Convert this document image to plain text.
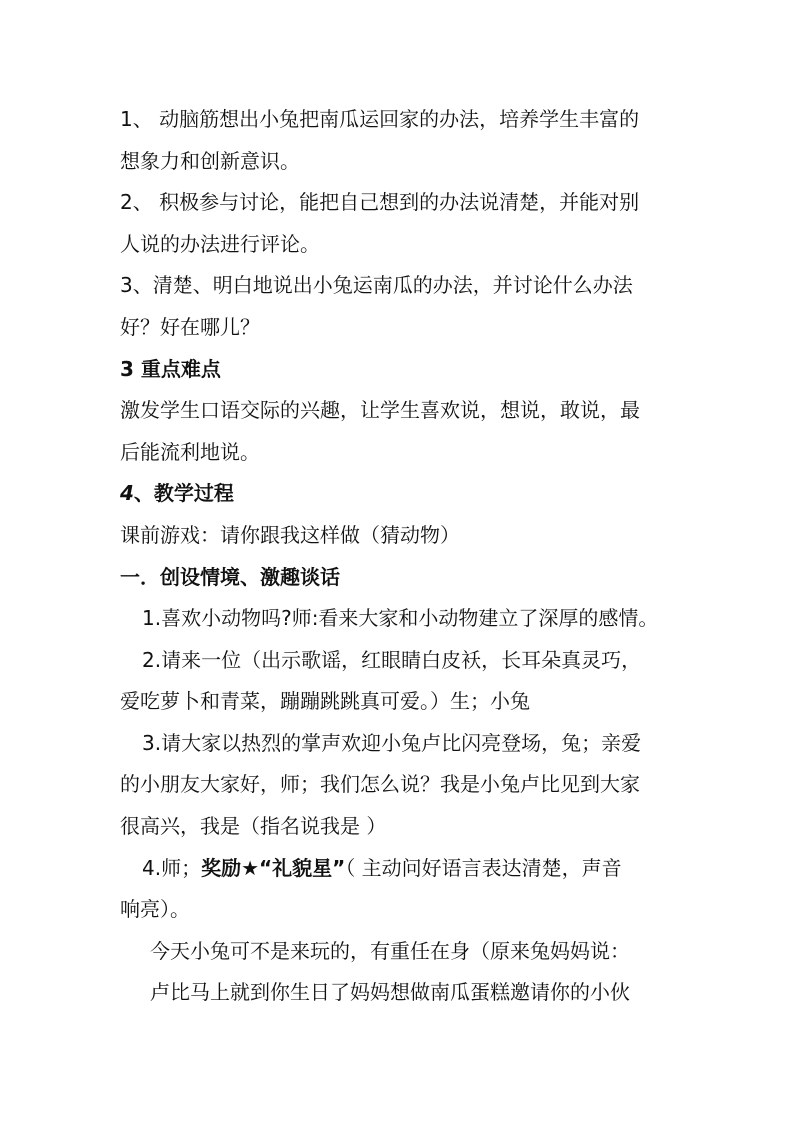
1、 动脑筋想出小兔把南瓜运回家的办法，培养学生丰富的
想象力和创新意识。
2、 积极参与讨论，能把自己想到的办法说清楚，并能对别
人说的办法进行评论。
3、清楚、明白地说出小兔运南瓜的办法，并讨论什么办法
好？好在哪儿？
3 重点难点
激发学生口语交际的兴趣，让学生喜欢说，想说，敢说，最
后能流利地说。
4、教学过程
课前游戏：请你跟我这样做（猜动物）
一．创设情境、激趣谈话
1.喜欢小动物吗?师:看来大家和小动物建立了深厚的感情。
2.请来一位（出示歌谣，红眼睛白皮袄，长耳朵真灵巧，
爱吃萝卜和青菜，蹦蹦跳跳真可爱。）生；小兔
3.请大家以热烈的掌声欢迎小兔卢比闪亮登场，兔；亲爱
的小朋友大家好，师；我们怎么说？我是小兔卢比见到大家
很高兴，我是（指名说我是 ）
4.师；奖励★“礼貌星”（ 主动问好语言表达清楚，声音
响亮）。
今天小兔可不是来玩的，有重任在身（原来兔妈妈说：
卢比马上就到你生日了妈妈想做南瓜蛋糕邀请你的小伙
